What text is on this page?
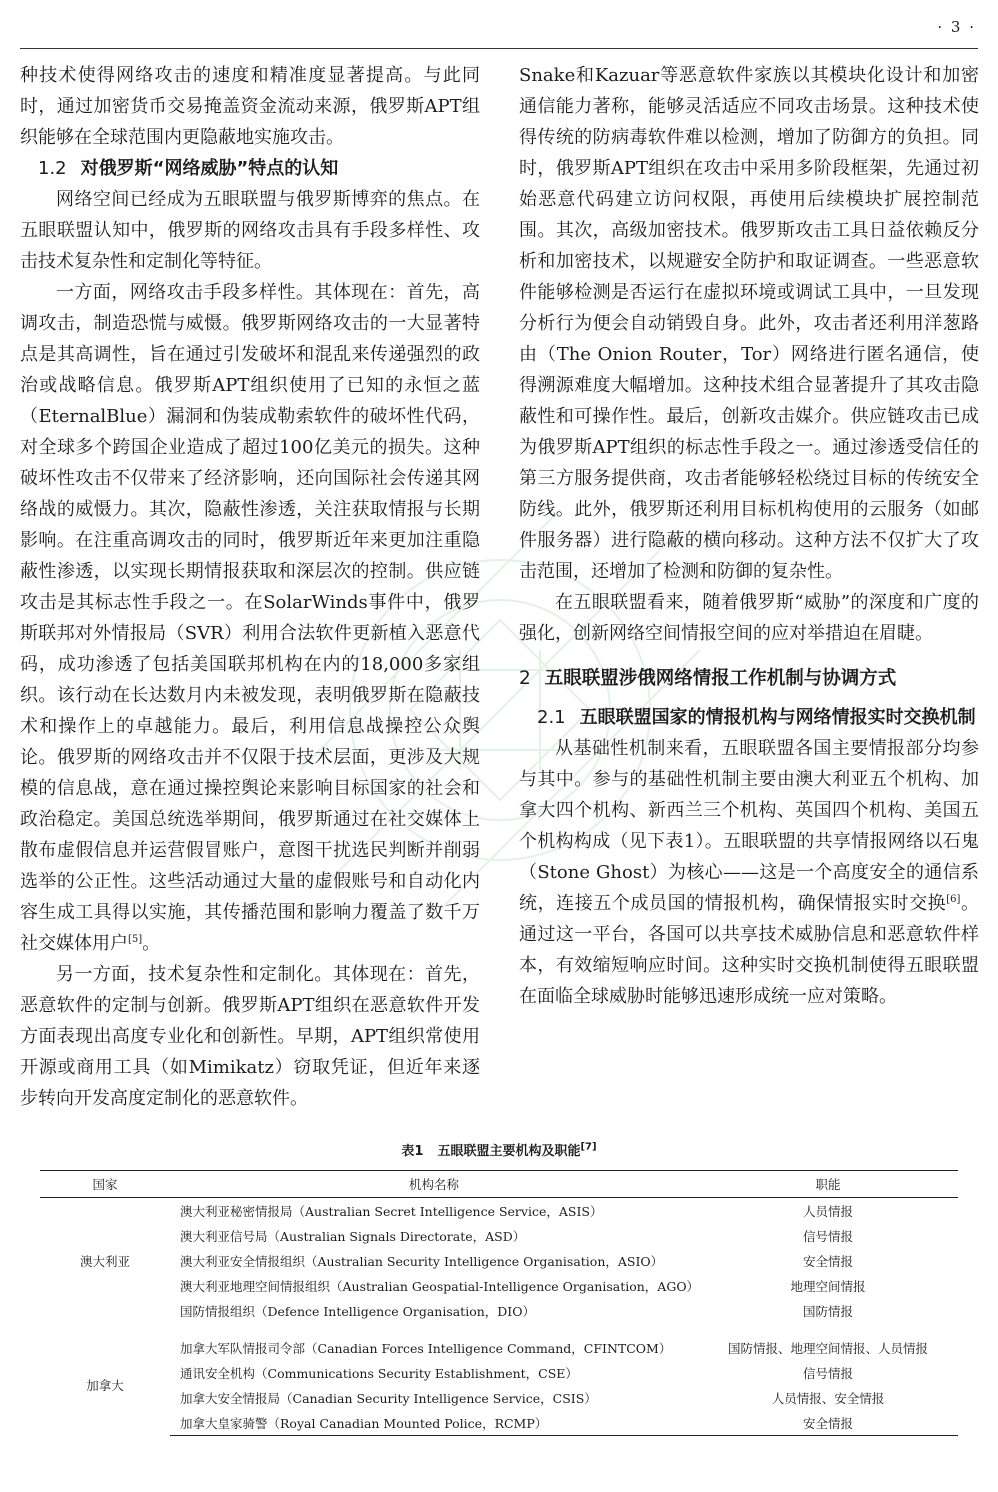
· 3 ·

种技术使得网络攻击的速度和精准度显著提高。与此同时，通过加密货币交易掩盖资金流动来源，俄罗斯APT组织能够在全球范围内更隐蔽地实施攻击。

1.2 对俄罗斯“网络威胁”特点的认知

网络空间已经成为五眼联盟与俄罗斯博弈的焦点。在五眼联盟认知中，俄罗斯的网络攻击具有手段多样性、攻击技术复杂性和定制化等特征。

一方面，网络攻击手段多样性。其体现在：首先，高调攻击，制造恐慌与威慑。俄罗斯网络攻击的一大显著特点是其高调性，旨在通过引发破坏和混乱来传递强烈的政治或战略信息。俄罗斯APT组织使用了已知的永恒之蓝（EternalBlue）漏洞和伪装成勒索软件的破坏性代码，对全球多个跨国企业造成了超过100亿美元的损失。这种破坏性攻击不仅带来了经济影响，还向国际社会传递其网络战的威慑力。其次，隐蔽性渗透，关注获取情报与长期影响。在注重高调攻击的同时，俄罗斯近年来更加注重隐蔽性渗透，以实现长期情报获取和深层次的控制。供应链攻击是其标志性手段之一。在SolarWinds事件中，俄罗斯联邦对外情报局（SVR）利用合法软件更新植入恶意代码，成功渗透了包括美国联邦机构在内的18,000多家组织。该行动在长达数月内未被发现，表明俄罗斯在隐蔽技术和操作上的卓越能力。最后，利用信息战操控公众舆论。俄罗斯的网络攻击并不仅限于技术层面，更涉及大规模的信息战，意在通过操控舆论来影响目标国家的社会和政治稳定。美国总统选举期间，俄罗斯通过在社交媒体上散布虚假信息并运营假冒账户，意图干扰选民判断并削弱选举的公正性。这些活动通过大量的虚假账号和自动化内容生成工具得以实施，其传播范围和影响力覆盖了数千万社交媒体用户[5]。

另一方面，技术复杂性和定制化。其体现在：首先，恶意软件的定制与创新。俄罗斯APT组织在恶意软件开发方面表现出高度专业化和创新性。早期，APT组织常使用开源或商用工具（如Mimikatz）窃取凭证，但近年来逐步转向开发高度定制化的恶意软件。

Snake和Kazuar等恶意软件家族以其模块化设计和加密通信能力著称，能够灵活适应不同攻击场景。这种技术使得传统的防病毒软件难以检测，增加了防御方的负担。同时，俄罗斯APT组织在攻击中采用多阶段框架，先通过初始恶意代码建立访问权限，再使用后续模块扩展控制范围。其次，高级加密技术。俄罗斯攻击工具日益依赖反分析和加密技术，以规避安全防护和取证调查。一些恶意软件能够检测是否运行在虚拟环境或调试工具中，一旦发现分析行为便会自动销毁自身。此外，攻击者还利用洋葱路由（The Onion Router，Tor）网络进行匿名通信，使得溯源难度大幅增加。这种技术组合显著提升了其攻击隐蔽性和可操作性。最后，创新攻击媒介。供应链攻击已成为俄罗斯APT组织的标志性手段之一。通过渗透受信任的第三方服务提供商，攻击者能够轻松绕过目标的传统安全防线。此外，俄罗斯还利用目标机构使用的云服务（如邮件服务器）进行隐蔽的横向移动。这种方法不仅扩大了攻击范围，还增加了检测和防御的复杂性。

在五眼联盟看来，随着俄罗斯“威胁”的深度和广度的强化，创新网络空间情报空间的应对举措迫在眉睫。

2 五眼联盟涉俄网络情报工作机制与协调方式
2.1 五眼联盟国家的情报机构与网络情报实时交换机制

从基础性机制来看，五眼联盟各国主要情报部分均参与其中。参与的基础性机制主要由澳大利亚五个机构、加拿大四个机构、新西兰三个机构、英国四个机构、美国五个机构构成（见下表1）。五眼联盟的共享情报网络以石鬼（Stone Ghost）为核心——这是一个高度安全的通信系统，连接五个成员国的情报机构，确保情报实时交换[6]。通过这一平台，各国可以共享技术威胁信息和恶意软件样本，有效缩短响应时间。这种实时交换机制使得五眼联盟在面临全球威胁时能够迅速形成统一应对策略。

表1 五眼联盟主要机构及职能[7]
国家	机构名称	职能
澳大利亚	澳大利亚秘密情报局（Australian Secret Intelligence Service，ASIS）	人员情报
	澳大利亚信号局（Australian Signals Directorate，ASD）	信号情报
	澳大利亚安全情报组织（Australian Security Intelligence Organisation，ASIO）	安全情报
	澳大利亚地理空间情报组织（Australian Geospatial-Intelligence Organisation，AGO）	地理空间情报
	国防情报组织（Defence Intelligence Organisation，DIO）	国防情报

加拿大	加拿大军队情报司令部（Canadian Forces Intelligence Command，CFINTCOM）	国防情报、地理空间情报、人员情报
	通讯安全机构（Communications Security Establishment，CSE）	信号情报
	加拿大安全情报局（Canadian Security Intelligence Service，CSIS）	人员情报、安全情报
	加拿大皇家骑警（Royal Canadian Mounted Police，RCMP）	安全情报
